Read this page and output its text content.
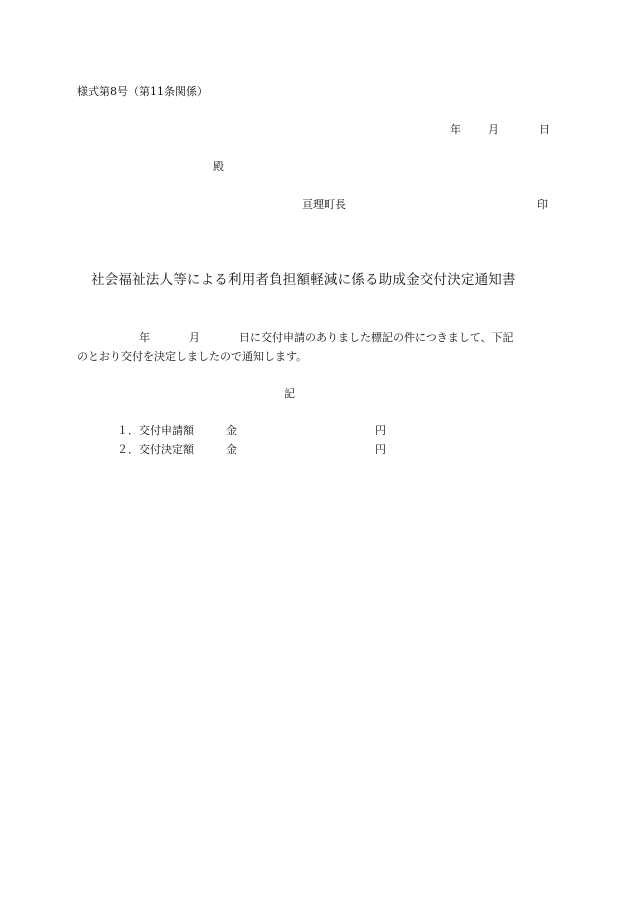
様式第8号（第11条関係）
年 月	日
殿
亘理町長	印
社会福祉法人等による利用者負担額軽減に係る助成金交付決定通知書
年	月	日に交付申請のありました標記の件につきまして、下記
のとおり交付を決定しましたので通知します。
記
１． 交付申請額	金	円
２． 交付決定額	金	円
